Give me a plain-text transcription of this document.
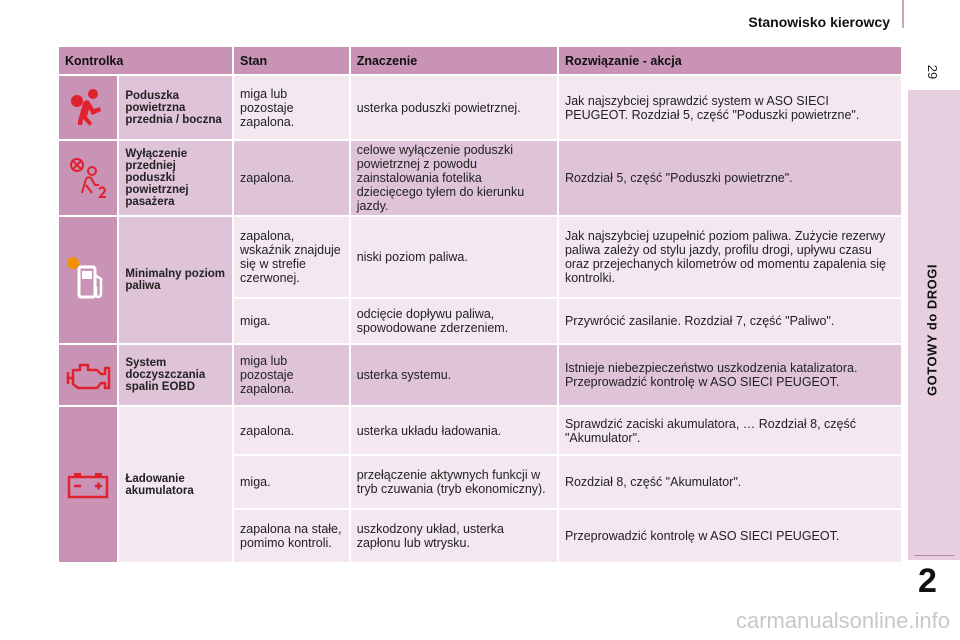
Stanowisko kierowcy
29
GOTOWY do DROGI
2
Kontrolka		Stan	Znaczenie	Rozwiązanie - akcja

Poduszka powietrzna przednia / boczna	miga lub pozostaje zapalona.	usterka poduszki powietrznej.	Jak najszybciej sprawdzić system w ASO SIECI PEUGEOT. Rozdział 5, część "Poduszki powietrzne".

Wyłączenie przedniej poduszki powietrznej pasażera	zapalona.	celowe wyłączenie poduszki powietrznej z powodu zainstalowania fotelika dziecięcego tyłem do kierunku jazdy.	Rozdział 5, część "Poduszki powietrzne".

Minimalny poziom paliwa	zapalona, wskaźnik znajduje się w strefie czerwonej.	niski poziom paliwa.	Jak najszybciej uzupełnić poziom paliwa. Zużycie rezerwy paliwa zależy od stylu jazdy, profilu drogi, upływu czasu oraz przejechanych kilometrów od momentu zapalenia się kontrolki.
		miga.	odcięcie dopływu paliwa, spowodowane zderzeniem.	Przywrócić zasilanie. Rozdział 7, część "Paliwo".

System doczyszczania spalin EOBD	miga lub pozostaje zapalona.	usterka systemu.	Istnieje niebezpieczeństwo uszkodzenia katalizatora. Przeprowadzić kontrolę w ASO SIECI PEUGEOT.

Ładowanie akumulatora	zapalona.	usterka układu ładowania.	Sprawdzić zaciski akumulatora, … Rozdział 8, część "Akumulator".
		miga.	przełączenie aktywnych funkcji w tryb czuwania (tryb ekonomiczny).	Rozdział 8, część "Akumulator".
		zapalona na stałe, pomimo kontroli.	uszkodzony układ, usterka zapłonu lub wtrysku.	Przeprowadzić kontrolę w ASO SIECI PEUGEOT.
carmanualsonline.info
